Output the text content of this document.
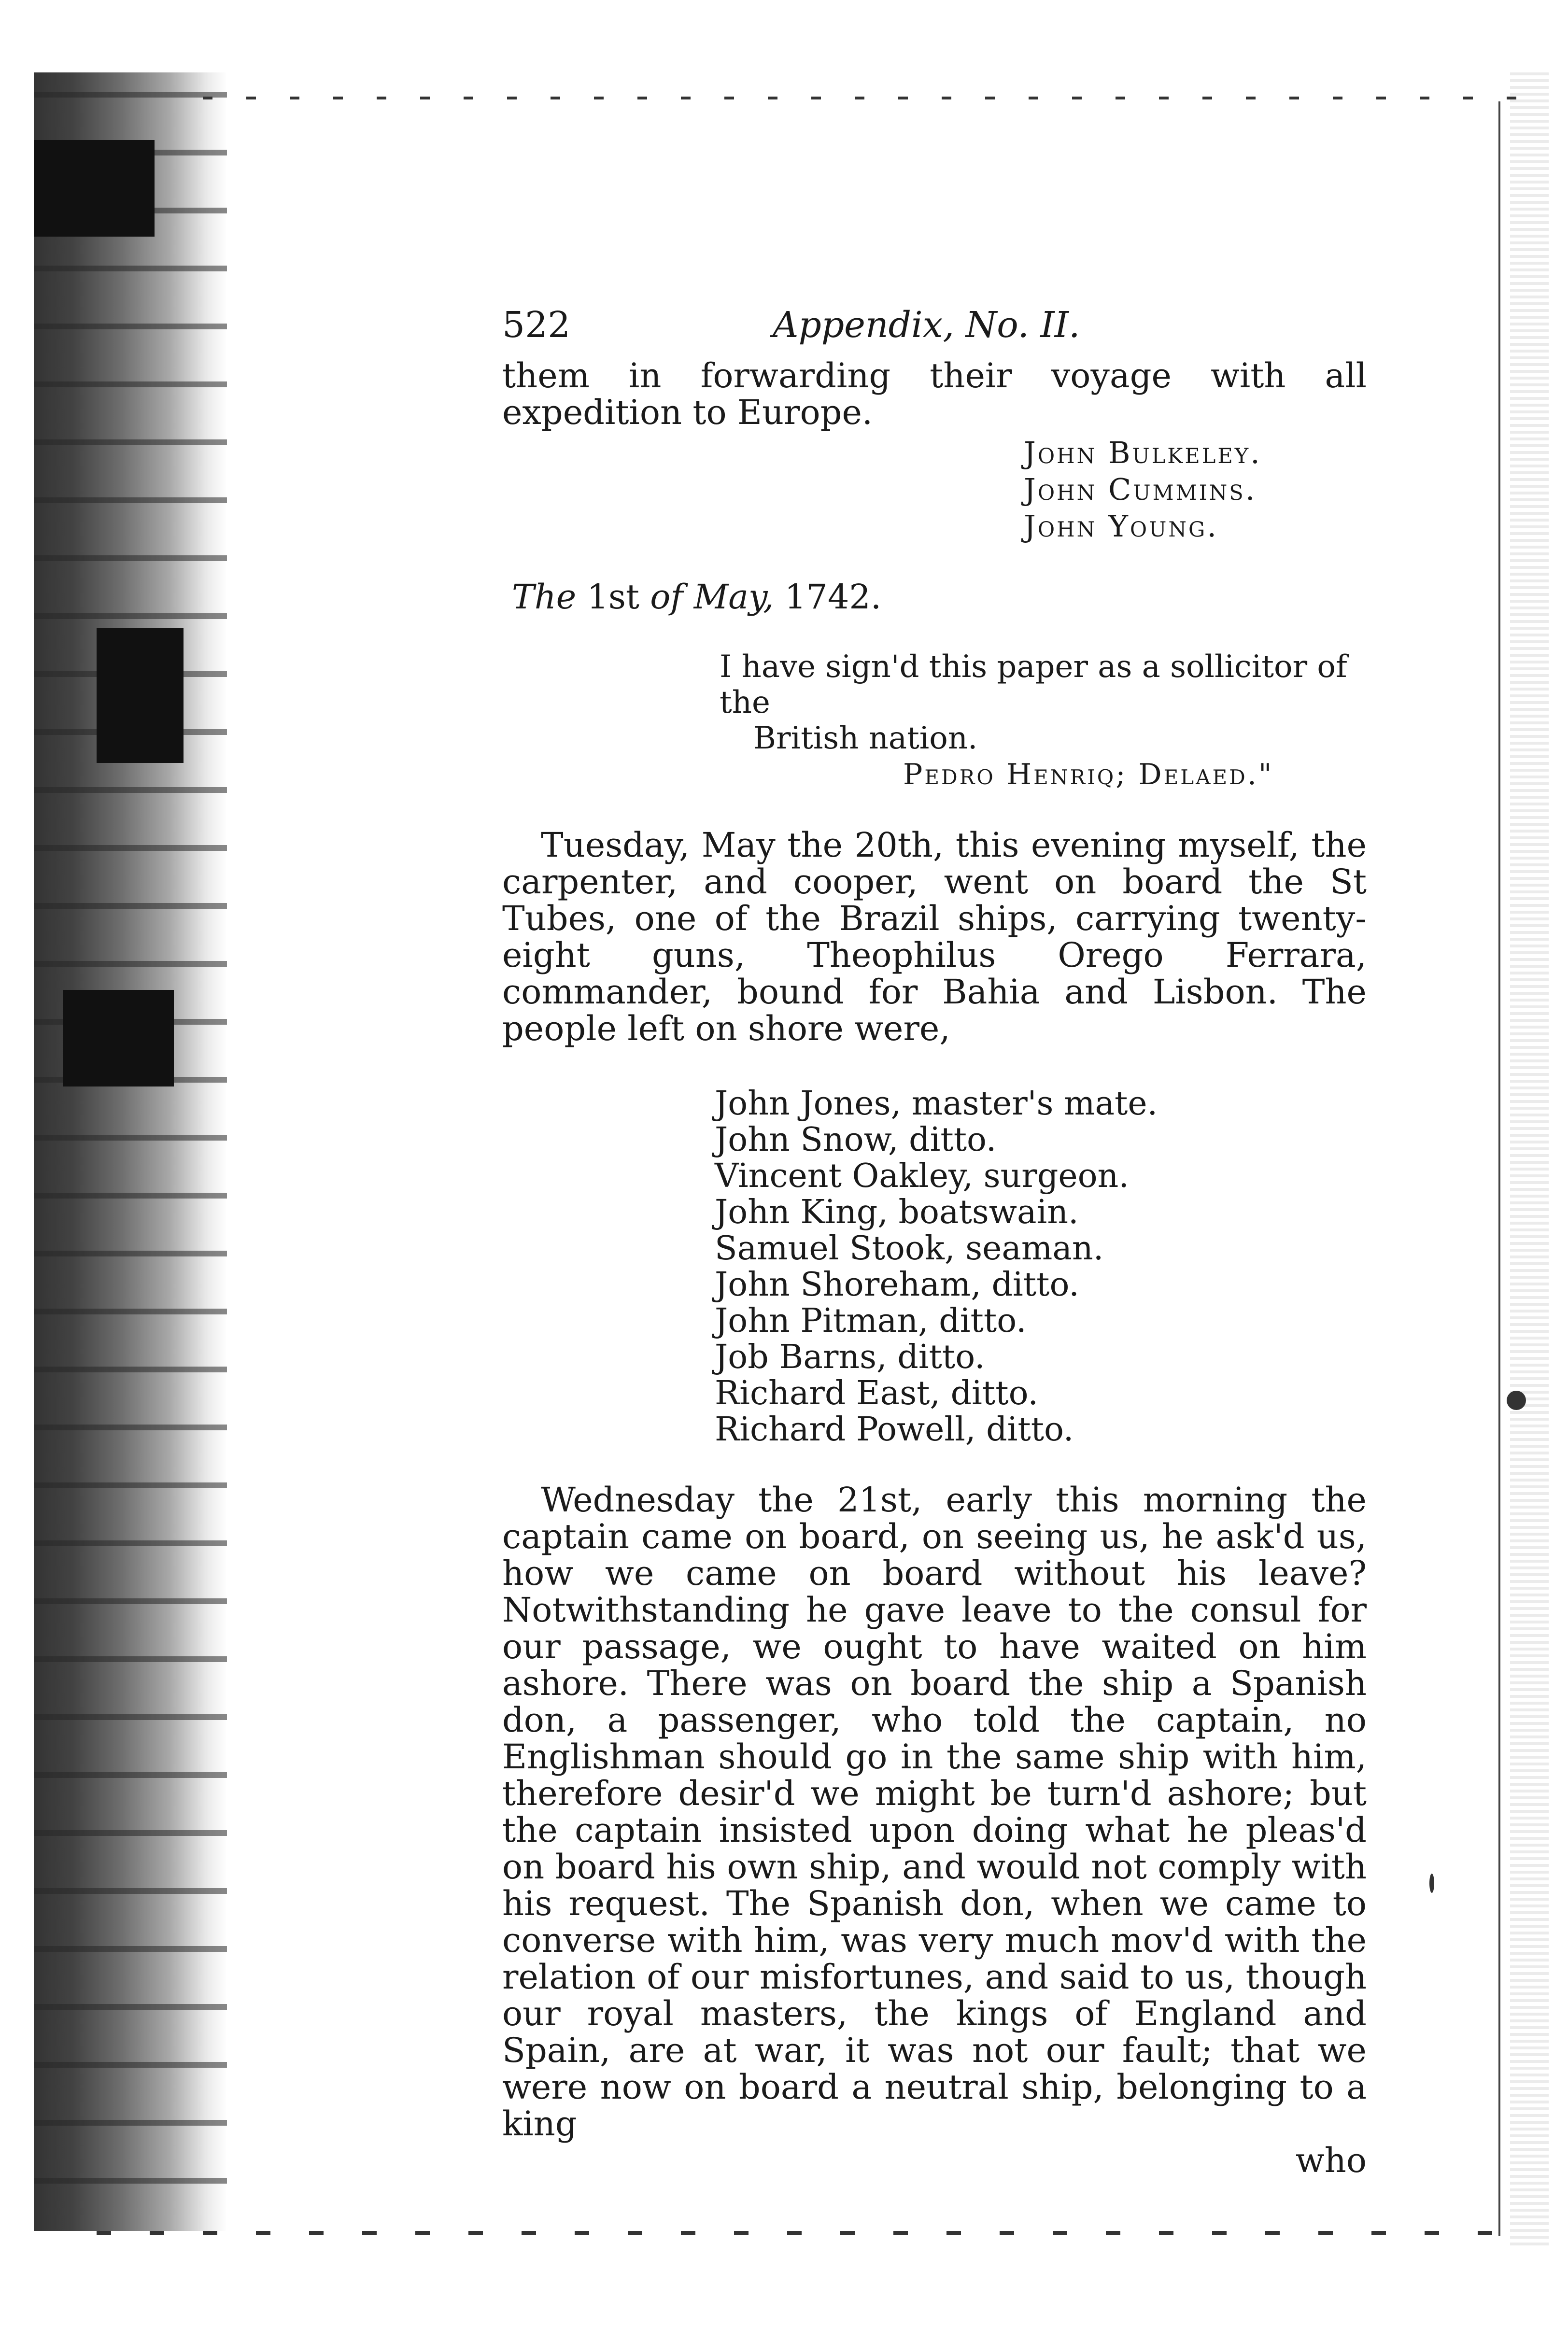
522	Appendix, No. II.

them in forwarding their voyage with all expedition to Europe.

John Bulkeley.
John Cummins.
John Young.
The 1st of May, 1742.
I have sign'd this paper as a sollicitor of the
British nation.
Pedro Henriq; Delaed."

Tuesday, May the 20th, this evening myself, the carpenter, and cooper, went on board the St Tubes, one of the Brazil ships, carrying twenty-eight guns, Theophilus Orego Ferrara, commander, bound for Bahia and Lisbon. The people left on shore were,

John Jones, master's mate.
John Snow, ditto.
Vincent Oakley, surgeon.
John King, boatswain.
Samuel Stook, seaman.
John Shoreham, ditto.
John Pitman, ditto.
Job Barns, ditto.
Richard East, ditto.
Richard Powell, ditto.

Wednesday the 21st, early this morning the captain came on board, on seeing us, he ask'd us, how we came on board without his leave? Notwithstanding he gave leave to the consul for our passage, we ought to have waited on him ashore. There was on board the ship a Spanish don, a passenger, who told the captain, no Englishman should go in the same ship with him, therefore desir'd we might be turn'd ashore; but the captain insisted upon doing what he pleas'd on board his own ship, and would not comply with his request. The Spanish don, when we came to converse with him, was very much mov'd with the relation of our misfortunes, and said to us, though our royal masters, the kings of England and Spain, are at war, it was not our fault; that we were now on board a neutral ship, belonging to a king

who
